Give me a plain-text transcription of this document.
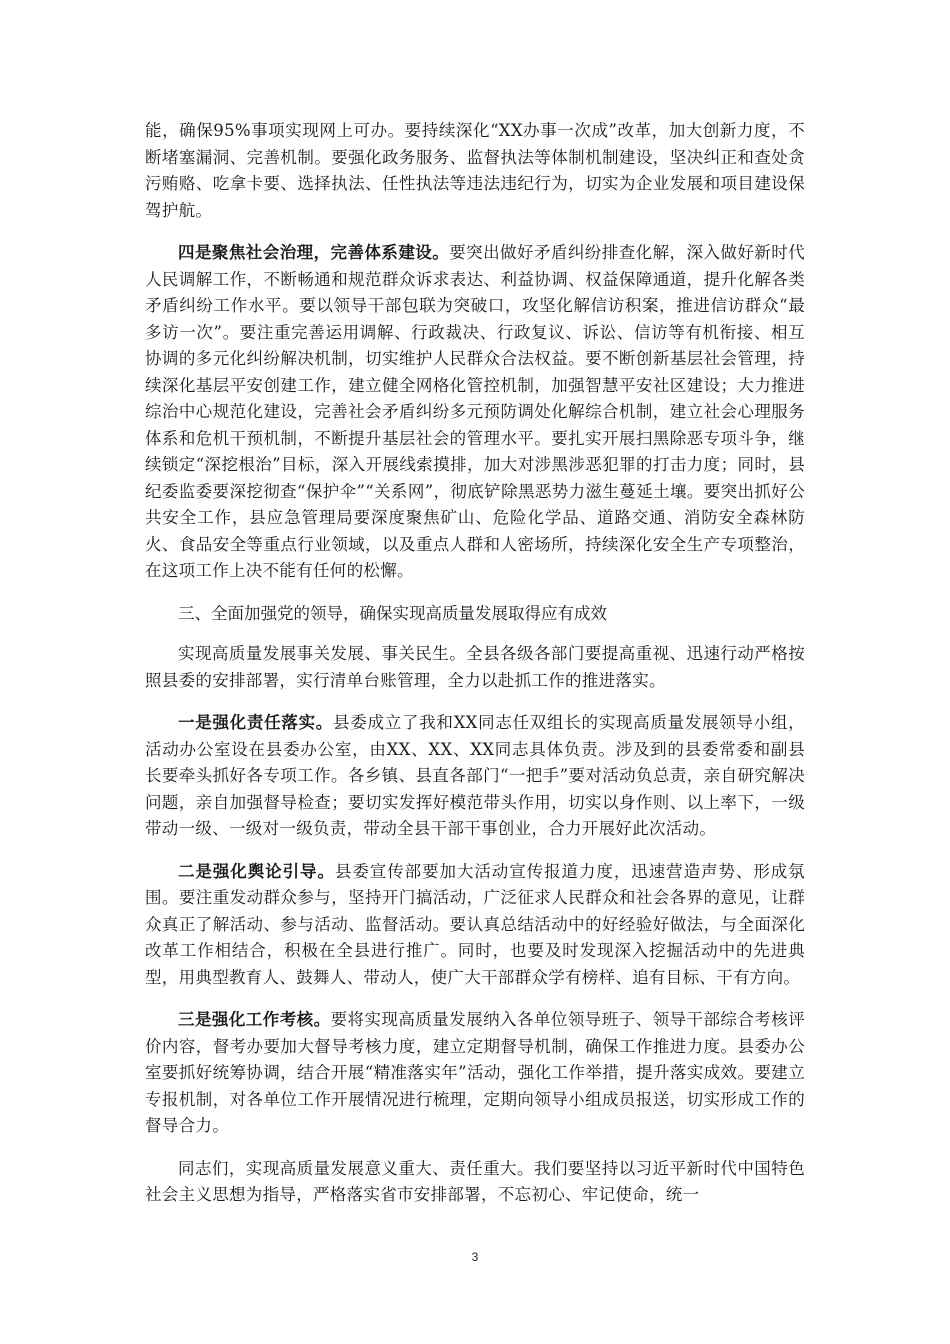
能，确保95%事项实现网上可办。要持续深化“XX办事一次成”改革，加大创新力度，不断堵塞漏洞、完善机制。要强化政务服务、监督执法等体制机制建设，坚决纠正和查处贪污贿赂、吃拿卡要、选择执法、任性执法等违法违纪行为，切实为企业发展和项目建设保驾护航。

四是聚焦社会治理，完善体系建设。要突出做好矛盾纠纷排查化解，深入做好新时代人民调解工作，不断畅通和规范群众诉求表达、利益协调、权益保障通道，提升化解各类矛盾纠纷工作水平。要以领导干部包联为突破口，攻坚化解信访积案，推进信访群众“最多访一次”。要注重完善运用调解、行政裁决、行政复议、诉讼、信访等有机衔接、相互协调的多元化纠纷解决机制，切实维护人民群众合法权益。要不断创新基层社会管理，持续深化基层平安创建工作，建立健全网格化管控机制，加强智慧平安社区建设；大力推进综治中心规范化建设，完善社会矛盾纠纷多元预防调处化解综合机制，建立社会心理服务体系和危机干预机制，不断提升基层社会的管理水平。要扎实开展扫黑除恶专项斗争，继续锁定“深挖根治”目标，深入开展线索摸排，加大对涉黑涉恶犯罪的打击力度；同时，县纪委监委要深挖彻查“保护伞”“关系网”，彻底铲除黑恶势力滋生蔓延土壤。要突出抓好公共安全工作，县应急管理局要深度聚焦矿山、危险化学品、道路交通、消防安全森林防火、食品安全等重点行业领域，以及重点人群和人密场所，持续深化安全生产专项整治，在这项工作上决不能有任何的松懈。

三、全面加强党的领导，确保实现高质量发展取得应有成效

实现高质量发展事关发展、事关民生。全县各级各部门要提高重视、迅速行动严格按照县委的安排部署，实行清单台账管理，全力以赴抓工作的推进落实。

一是强化责任落实。县委成立了我和XX同志任双组长的实现高质量发展领导小组，活动办公室设在县委办公室，由XX、XX、XX同志具体负责。涉及到的县委常委和副县长要牵头抓好各专项工作。各乡镇、县直各部门“一把手”要对活动负总责，亲自研究解决问题，亲自加强督导检查；要切实发挥好模范带头作用，切实以身作则、以上率下，一级带动一级、一级对一级负责，带动全县干部干事创业，合力开展好此次活动。

二是强化舆论引导。县委宣传部要加大活动宣传报道力度，迅速营造声势、形成氛围。要注重发动群众参与，坚持开门搞活动，广泛征求人民群众和社会各界的意见，让群众真正了解活动、参与活动、监督活动。要认真总结活动中的好经验好做法，与全面深化改革工作相结合，积极在全县进行推广。同时，也要及时发现深入挖掘活动中的先进典型，用典型教育人、鼓舞人、带动人，使广大干部群众学有榜样、追有目标、干有方向。

三是强化工作考核。要将实现高质量发展纳入各单位领导班子、领导干部综合考核评价内容，督考办要加大督导考核力度，建立定期督导机制，确保工作推进力度。县委办公室要抓好统筹协调，结合开展“精准落实年”活动，强化工作举措，提升落实成效。要建立专报机制，对各单位工作开展情况进行梳理，定期向领导小组成员报送，切实形成工作的督导合力。

同志们，实现高质量发展意义重大、责任重大。我们要坚持以习近平新时代中国特色社会主义思想为指导，严格落实省市安排部署，不忘初心、牢记使命，统一

3
